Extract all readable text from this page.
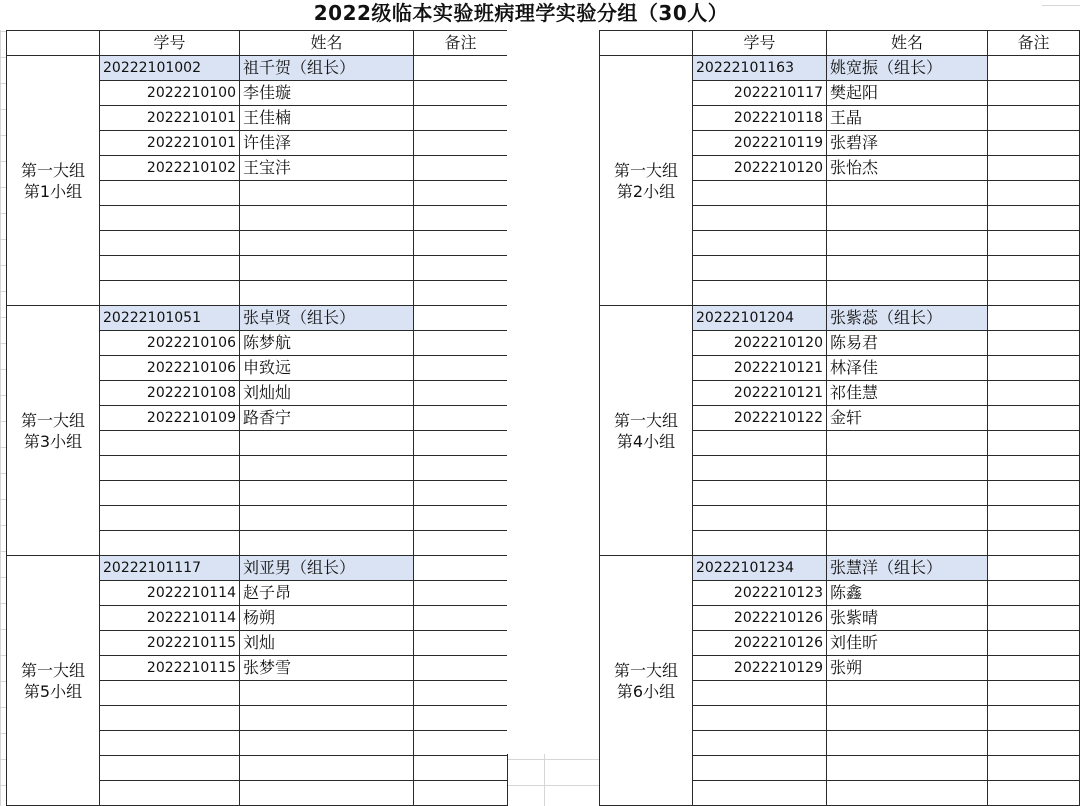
2022级临本实验班病理学实验分组（30人）
	学号	姓名	备注

第一大组
第1小组	20222101002	祖千贺（组长）	
	2022210100	李佳璇	
	2022210101	王佳楠	
	2022210101	许佳泽	
	2022210102	王宝沣	

第一大组
第3小组	20222101051	张卓贤（组长）	
	2022210106	陈梦航	
	2022210106	申致远	
	2022210108	刘灿灿	
	2022210109	路香宁	

第一大组
第5小组	20222101117	刘亚男（组长）	
	2022210114	赵子昂	
	2022210114	杨朔	
	2022210115	刘灿	
	2022210115	张梦雪	

	学号	姓名	备注

第一大组
第2小组	20222101163	姚宽振（组长）	
	2022210117	樊起阳	
	2022210118	王晶	
	2022210119	张碧泽	
	2022210120	张怡杰	

第一大组
第4小组	20222101204	张紫蕊（组长）	
	2022210120	陈易君	
	2022210121	林泽佳	
	2022210121	祁佳慧	
	2022210122	金轩	

第一大组
第6小组	20222101234	张慧洋（组长）	
	2022210123	陈鑫	
	2022210126	张紫晴	
	2022210126	刘佳昕	
	2022210129	张朔	
